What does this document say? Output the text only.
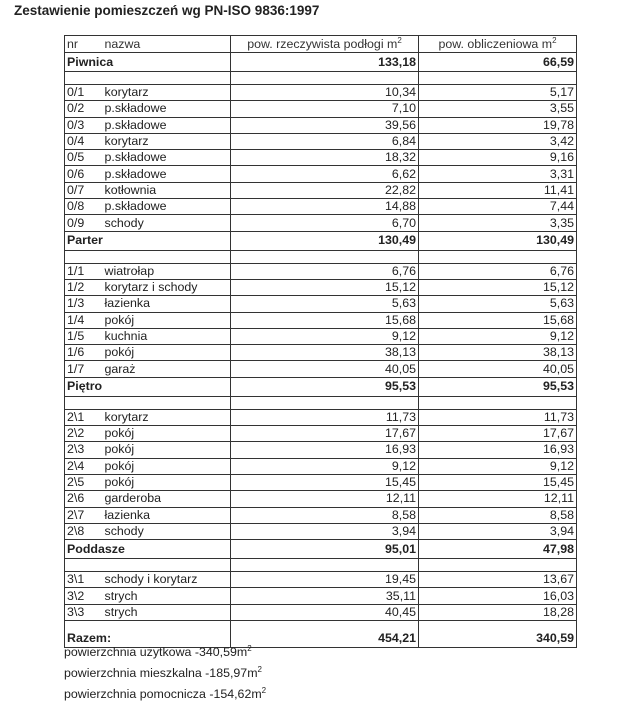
Zestawienie pomieszczeń wg PN-ISO 9836:1997
nr	nazwa	pow. rzeczywista podłogi $m^2$	pow. obliczeniowa $m^2$
Piwnica		133,18	66,59

0/1	korytarz	10,34	5,17
0/2	p.składowe	7,10	3,55
0/3	p.składowe	39,56	19,78
0/4	korytarz	6,84	3,42
0/5	p.składowe	18,32	9,16
0/6	p.składowe	6,62	3,31
0/7	kotłownia	22,82	11,41
0/8	p.składowe	14,88	7,44
0/9	schody	6,70	3,35
Parter		130,49	130,49

1/1	wiatrołap	6,76	6,76
1/2	korytarz i schody	15,12	15,12
1/3	łazienka	5,63	5,63
1/4	pokój	15,68	15,68
1/5	kuchnia	9,12	9,12
1/6	pokój	38,13	38,13
1/7	garaż	40,05	40,05
Piętro		95,53	95,53

2\1	korytarz	11,73	11,73
2\2	pokój	17,67	17,67
2\3	pokój	16,93	16,93
2\4	pokój	9,12	9,12
2\5	pokój	15,45	15,45
2\6	garderoba	12,11	12,11
2\7	łazienka	8,58	8,58
2\8	schody	3,94	3,94
Poddasze		95,01	47,98

3\1	schody i korytarz	19,45	13,67
3\2	strych	35,11	16,03
3\3	strych	40,45	18,28

Razem:		454,21	340,59
powierzchnia użytkowa $-340,59m^2$
powierzchnia mieszkalna $-185,97m^2$
powierzchnia pomocnicza $-154,62m^2$
